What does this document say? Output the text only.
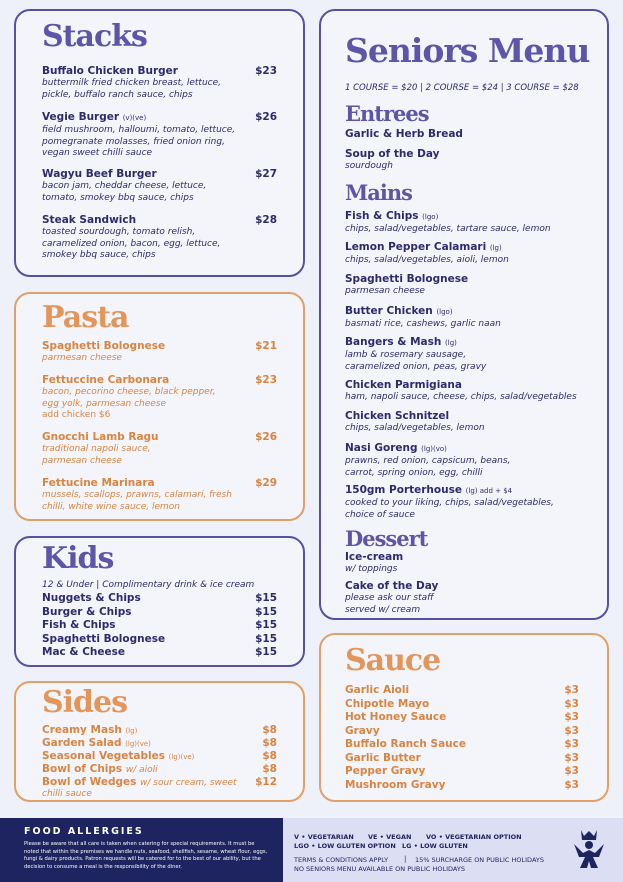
Stacks
Buffalo Chicken Burger	$23
buttermilk fried chicken breast, lettuce, pickle, buffalo ranch sauce, chips
Vegie Burger (v)(ve)	$26
field mushroom, halloumi, tomato, lettuce, pomegranate molasses, fried onion ring, vegan sweet chilli sauce
Wagyu Beef Burger	$27
bacon jam, cheddar cheese, lettuce, tomato, smokey bbq sauce, chips
Steak Sandwich	$28
toasted sourdough, tomato relish, caramelized onion, bacon, egg, lettuce, smokey bbq sauce, chips
Pasta
Spaghetti Bolognese	$21
parmesan cheese
Fettuccine Carbonara	$23
bacon, pecorino cheese, black pepper, egg yolk, parmesan cheese
add chicken $6
Gnocchi Lamb Ragu	$26
traditional napoli sauce, parmesan cheese
Fettucine Marinara	$29
mussels, scallops, prawns, calamari, fresh chilli, white wine sauce, lemon
Kids
12 & Under | Complimentary drink & ice cream
Nuggets & Chips	$15
Burger & Chips	$15
Fish & Chips	$15
Spaghetti Bolognese	$15
Mac & Cheese	$15
Sides
Creamy Mash (lg)	$8
Garden Salad (lg)(ve)	$8
Seasonal Vegetables (lg)(ve)	$8
Bowl of Chips w/ aioli	$8
Bowl of Wedges w/ sour cream, sweet $12
chilli sauce
Seniors Menu
1 COURSE = $20 | 2 COURSE = $24 | 3 COURSE = $28
Entrees
Garlic & Herb Bread
Soup of the Day
sourdough
Mains
Fish & Chips (lgo)
chips, salad/vegetables, tartare sauce, lemon
Lemon Pepper Calamari (lg)
chips, salad/vegetables, aioli, lemon
Spaghetti Bolognese
parmesan cheese
Butter Chicken (lgo)
basmati rice, cashews, garlic naan
Bangers & Mash (lg)
lamb & rosemary sausage, caramelized onion, peas, gravy
Chicken Parmigiana
ham, napoli sauce, cheese, chips, salad/vegetables
Chicken Schnitzel
chips, salad/vegetables, lemon
Nasi Goreng (lg)(vo)
prawns, red onion, capsicum, beans, carrot, spring onion, egg, chilli
150gm Porterhouse (lg) add + $4
cooked to your liking, chips, salad/vegetables, choice of sauce
Dessert
Ice-cream
w/ toppings
Cake of the Day
please ask our staff served w/ cream
Sauce
Garlic Aioli	$3
Chipotle Mayo	$3
Hot Honey Sauce	$3
Gravy	$3
Buffalo Ranch Sauce	$3
Garlic Butter	$3
Pepper Gravy	$3
Mushroom Gravy	$3
FOOD ALLERGIES
Please be aware that all care is taken when catering for special requirements. It must be noted that within the premises we handle nuts, seafood, shellfish, sesame, wheat flour, eggs, fungi & dairy products. Patron requests will be catered for to the best of our ability, but the decision to consume a meal is the responsibility of the diner.
V • VEGETARIAN VE • VEGAN VO • VEGETARIAN OPTION
LGO • LOW GLUTEN OPTION LG • LOW GLUTEN
TERMS & CONDITIONS APPLY | 15% SURCHARGE ON PUBLIC HOLIDAYS
NO SENIORS MENU AVAILABLE ON PUBLIC HOLIDAYS
